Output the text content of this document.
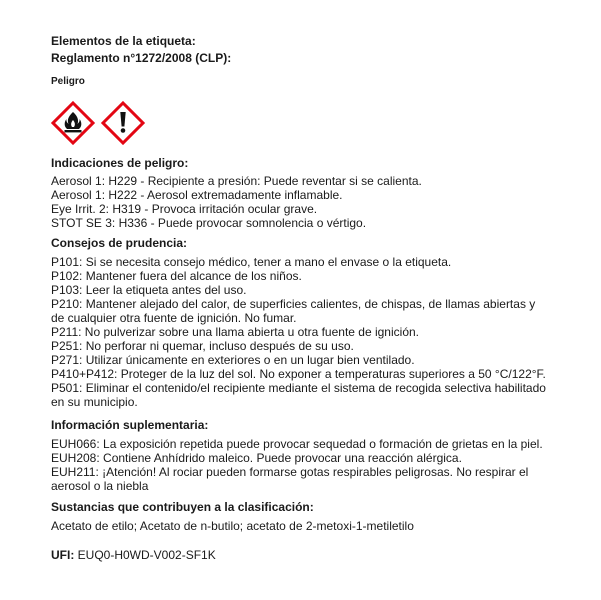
Elementos de la etiqueta:

Reglamento n°1272/2008 (CLP):

Peligro

Indicaciones de peligro:

Aerosol 1: H229 - Recipiente a presión: Puede reventar si se calienta.

Aerosol 1: H222 - Aerosol extremadamente inflamable.

Eye Irrit. 2: H319 - Provoca irritación ocular grave.

STOT SE 3: H336 - Puede provocar somnolencia o vértigo.

Consejos de prudencia:

P101: Si se necesita consejo médico, tener a mano el envase o la etiqueta.

P102: Mantener fuera del alcance de los niños.

P103: Leer la etiqueta antes del uso.

P210: Mantener alejado del calor, de superficies calientes, de chispas, de llamas abiertas y

de cualquier otra fuente de ignición. No fumar.

P211: No pulverizar sobre una llama abierta u otra fuente de ignición.

P251: No perforar ni quemar, incluso después de su uso.

P271: Utilizar únicamente en exteriores o en un lugar bien ventilado.

P410+P412: Proteger de la luz del sol. No exponer a temperaturas superiores a 50 °C/122°F.

P501: Eliminar el contenido/el recipiente mediante el sistema de recogida selectiva habilitado

en su municipio.

Información suplementaria:

EUH066: La exposición repetida puede provocar sequedad o formación de grietas en la piel.

EUH208: Contiene Anhídrido maleico. Puede provocar una reacción alérgica.

EUH211: ¡Atención! Al rociar pueden formarse gotas respirables peligrosas. No respirar el

aerosol o la niebla

Sustancias que contribuyen a la clasificación:

Acetato de etilo; Acetato de n-butilo; acetato de 2-metoxi-1-metiletilo

UFI: EUQ0-H0WD-V002-SF1K
